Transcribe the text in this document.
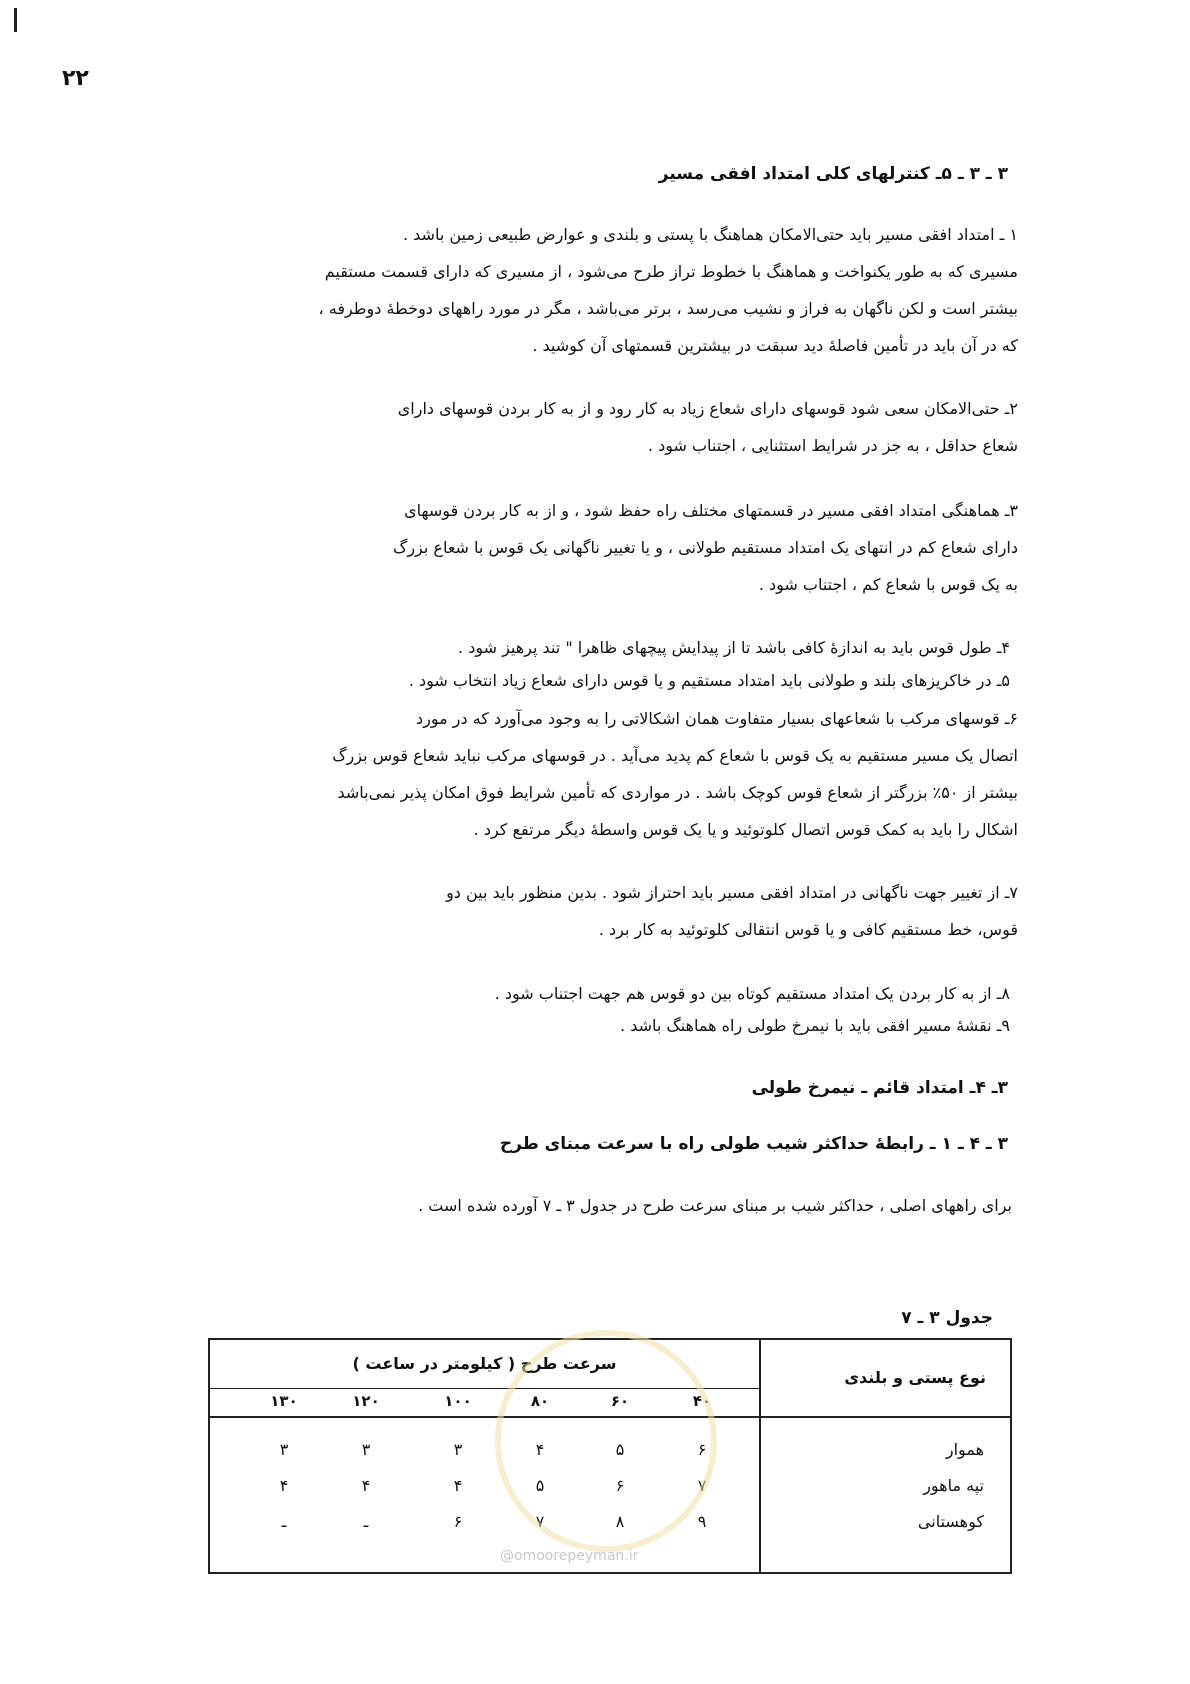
۲۲
۳ ـ ۳ ـ ۵ـ کنترلهای کلی امتداد افقی مسیر
۱ ـ امتداد افقی مسیر باید حتی‌الامکان هماهنگ با پستی و بلندی و عوارض طبیعی زمین باشد .
مسیری که به طور یکنواخت و هماهنگ با خطوط تراز طرح می‌شود ، از مسیری که دارای قسمت مستقیم
بیشتر است و لکن ناگهان به فراز و نشیب می‌رسد ، برتر می‌باشد ، مگر در مورد راههای دوخطهٔ دوطرفه ،
که در آن باید در تأمین فاصلهٔ دید سبقت در بیشترین قسمتهای آن کوشید .
۲ـ حتی‌الامکان سعی شود قوسهای دارای شعاع زیاد به کار رود و از به کار بردن قوسهای دارای
شعاع حداقل ، به جز در شرایط استثنایی ، اجتناب شود .
۳ـ هماهنگی امتداد افقی مسیر در قسمتهای مختلف راه حفظ شود ، و از به کار بردن قوسهای
دارای شعاع کم در انتهای یک امتداد مستقیم طولانی ، و یا تغییر ناگهانی یک قوس با شعاع بزرگ
به یک قوس با شعاع کم ، اجتناب شود .
۴ـ طول قوس باید به اندازهٔ کافی باشد تا از پیدایش پیچهای ظاهرا " تند پرهیز شود .
۵ـ در خاکریزهای بلند و طولانی باید امتداد مستقیم و یا قوس دارای شعاع زیاد انتخاب شود .
۶ـ قوسهای مرکب با شعاعهای بسیار متفاوت همان اشکالاتی را به وجود می‌آورد که در مورد
اتصال یک مسیر مستقیم به یک قوس با شعاع کم پدید می‌آید . در قوسهای مرکب نباید شعاع قوس بزرگ
بیشتر از ۵۰٪ بزرگتر از شعاع قوس کوچک باشد . در مواردی که تأمین شرایط فوق امکان پذیر نمی‌باشد
اشکال را باید به کمک قوس اتصال کلوتوئید و یا یک قوس واسطهٔ دیگر مرتفع کرد .
۷ـ از تغییر جهت ناگهانی در امتداد افقی مسیر باید احتراز شود . بدین منظور باید بین دو
قوس، خط مستقیم کافی و یا قوس انتقالی کلوتوئید به کار برد .
۸ـ از به کار بردن یک امتداد مستقیم کوتاه بین دو قوس هم جهت اجتناب شود .
۹ـ نقشهٔ مسیر افقی باید با نیمرخ طولی راه هماهنگ باشد .
۳ـ ۴ـ امتداد قائم ـ نیمرخ طولی
۳ ـ ۴ ـ ۱ ـ رابطهٔ حداکثر شیب طولی راه با سرعت مبنای طرح
برای راههای اصلی ، حداکثر شیب بر مبنای سرعت طرح در جدول ۳ ـ ۷ آورده شده است .
جدول ۳ ـ ۷
نوع پستی و بلندی
سرعت طرح ( کیلومتر در ساعت )
۴۰
۶۰
۸۰
۱۰۰
۱۲۰
۱۳۰
هموار
۶
۵
۴
۳
۳
۳
تپه ماهور
۷
۶
۵
۴
۴
۴
کوهستانی
۹
۸
۷
۶
ـ
ـ
@omoorepeyman.ir
